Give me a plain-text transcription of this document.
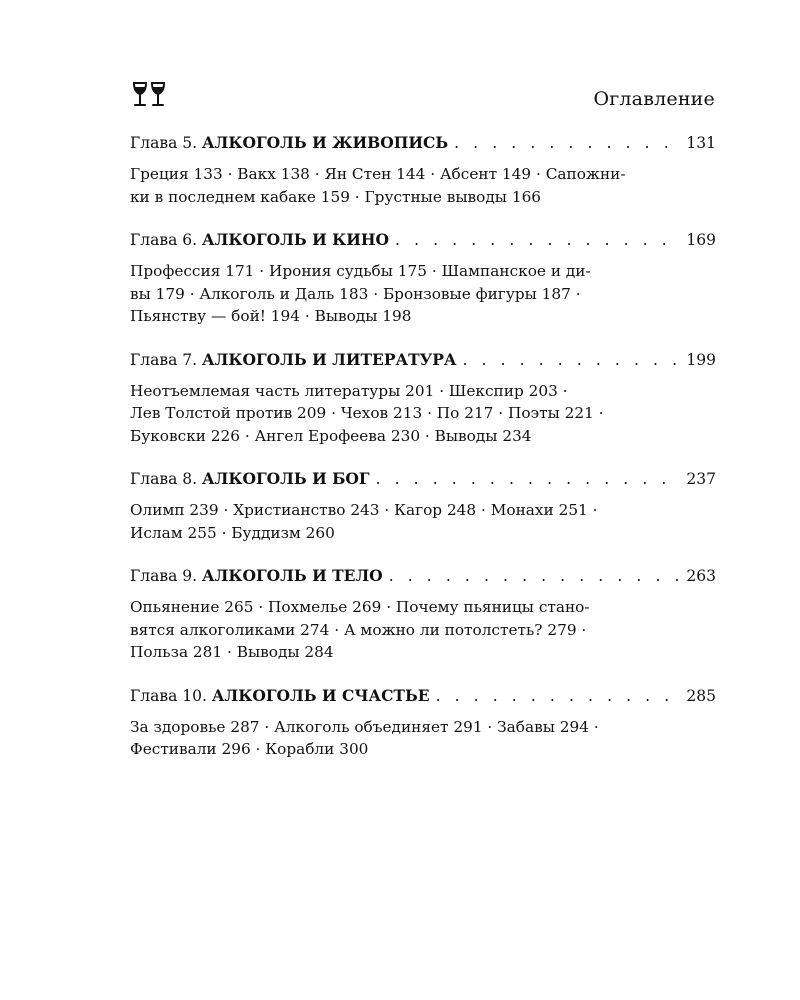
Оглавление
Глава 5. АЛКОГОЛЬ И ЖИВОПИСЬ . . .	131
Греция 133 · Вакх 138 · Ян Стен 144 · Абсент 149 · Сапожни-
ки в последнем кабаке 159 · Грустные выводы 166
Глава 6. АЛКОГОЛЬ И КИНО . . .	169
Профессия 171 · Ирония судьбы 175 · Шампанское и ди-
вы 179 · Алкоголь и Даль 183 · Бронзовые фигуры 187 ·
Пьянству — бой! 194 · Выводы 198
Глава 7. АЛКОГОЛЬ И ЛИТЕРАТУРА . . .	199
Неотъемлемая часть литературы 201 · Шекспир 203 ·
Лев Толстой против 209 · Чехов 213 · По 217 · Поэты 221 ·
Буковски 226 · Ангел Ерофеева 230 · Выводы 234
Глава 8. АЛКОГОЛЬ И БОГ . . .	237
Олимп 239 · Христианство 243 · Кагор 248 · Монахи 251 ·
Ислам 255 · Буддизм 260
Глава 9. АЛКОГОЛЬ И ТЕЛО . . .	263
Опьянение 265 · Похмелье 269 · Почему пьяницы стано-
вятся алкоголиками 274 · А можно ли потолстеть? 279 ·
Польза 281 · Выводы 284
Глава 10. АЛКОГОЛЬ И СЧАСТЬЕ . . .	285
За здоровье 287 · Алкоголь объединяет 291 · Забавы 294 ·
Фестивали 296 · Корабли 300
